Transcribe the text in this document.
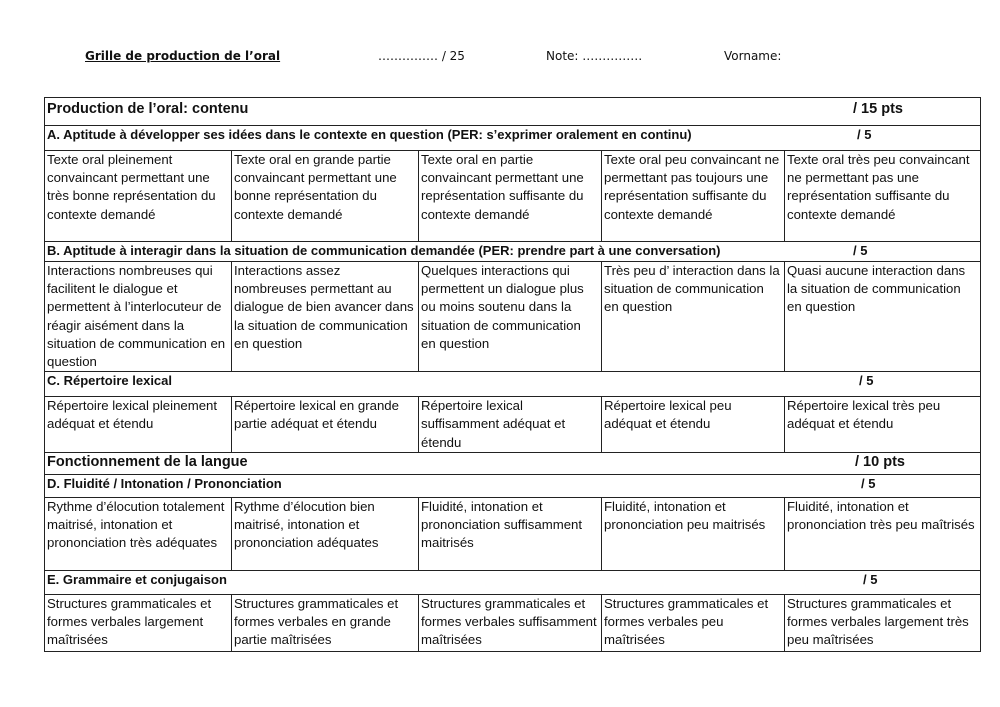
Grille de production de l’oral	…………… / 25	Note: ……………	Vorname:
Production de l’oral: contenu / 15 pts				

A. Aptitude à développer ses idées dans le contexte en question (PER: s’exprimer oralement en continu) / 5				

Texte oral pleinement convaincant permettant une très bonne représentation du contexte demandé	Texte oral en grande partie convaincant permettant une bonne représentation du contexte demandé	Texte oral en partie convaincant permettant une représentation suffisante du contexte demandé	Texte oral peu convaincant ne permettant pas toujours une représentation suffisante du contexte demandé	Texte oral très peu convaincant ne permettant pas une représentation suffisante du contexte demandé
B. Aptitude à interagir dans la situation de communication demandée (PER: prendre part à une conversation) / 5				

Interactions nombreuses qui facilitent le dialogue et permettent à l’interlocuteur de réagir aisément dans la situation de communication en question	Interactions assez nombreuses permettant au dialogue de bien avancer dans la situation de communication en question	Quelques interactions qui permettent un dialogue plus ou moins soutenu dans la situation de communication en question	Très peu d’ interaction dans la situation de communication en question	Quasi aucune interaction dans la situation de communication en question
C. Répertoire lexical / 5				

Répertoire lexical pleinement adéquat et étendu	Répertoire lexical en grande partie adéquat et étendu	Répertoire lexical suffisamment adéquat et étendu	Répertoire lexical peu adéquat et étendu	Répertoire lexical très peu adéquat et étendu
Fonctionnement de la langue / 10 pts				

D. Fluidité / Intonation / Prononciation / 5				

Rythme d’élocution totalement maitrisé, intonation et prononciation très adéquates	Rythme d’élocution bien maitrisé, intonation et prononciation adéquates	Fluidité, intonation et prononciation suffisamment maitrisés	Fluidité, intonation et prononciation peu maitrisés	Fluidité, intonation et prononciation très peu maîtrisés
E. Grammaire et conjugaison / 5				

Structures grammaticales et formes verbales largement maîtrisées	Structures grammaticales et formes verbales en grande partie maîtrisées	Structures grammaticales et formes verbales suffisamment maîtrisées	Structures grammaticales et formes verbales peu maîtrisées	Structures grammaticales et formes verbales largement très peu maîtrisées
